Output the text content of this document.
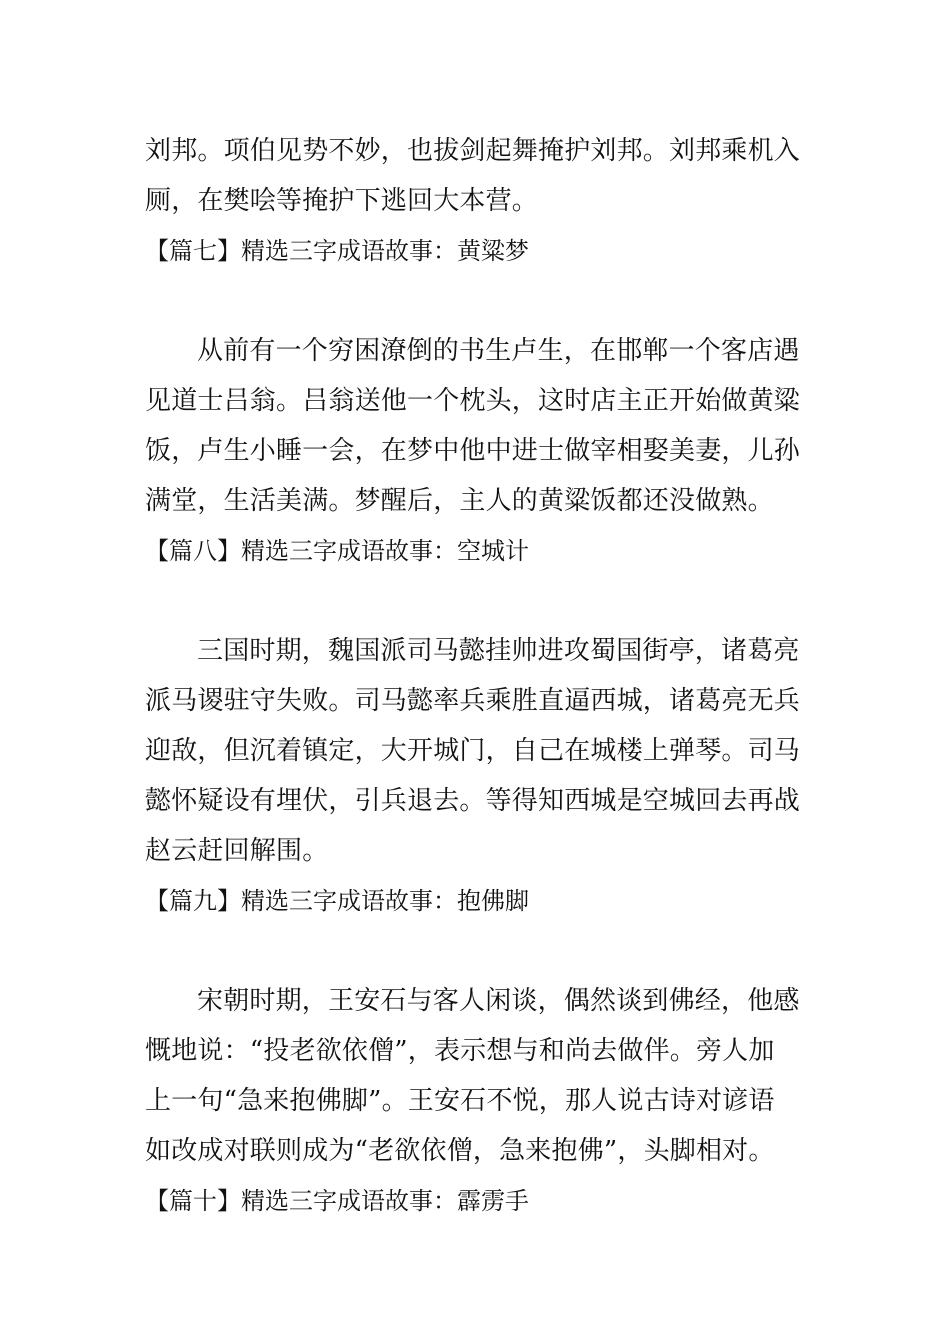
刘邦。项伯见势不妙，也拔剑起舞掩护刘邦。刘邦乘机入
厕，在樊哙等掩护下逃回大本营。
【篇七】精选三字成语故事：黄粱梦
从前有一个穷困潦倒的书生卢生，在邯郸一个客店遇
见道士吕翁。吕翁送他一个枕头，这时店主正开始做黄粱
饭，卢生小睡一会，在梦中他中进士做宰相娶美妻，儿孙
满堂，生活美满。梦醒后，主人的黄粱饭都还没做熟。
【篇八】精选三字成语故事：空城计
三国时期，魏国派司马懿挂帅进攻蜀国街亭，诸葛亮
派马谡驻守失败。司马懿率兵乘胜直逼西城，诸葛亮无兵
迎敌，但沉着镇定，大开城门，自己在城楼上弹琴。司马
懿怀疑设有埋伏，引兵退去。等得知西城是空城回去再战
赵云赶回解围。
【篇九】精选三字成语故事：抱佛脚
宋朝时期，王安石与客人闲谈，偶然谈到佛经，他感
慨地说：“投老欲依僧”，表示想与和尚去做伴。旁人加
上一句“急来抱佛脚”。王安石不悦，那人说古诗对谚语
如改成对联则成为“老欲依僧，急来抱佛”，头脚相对。
【篇十】精选三字成语故事：霹雳手
